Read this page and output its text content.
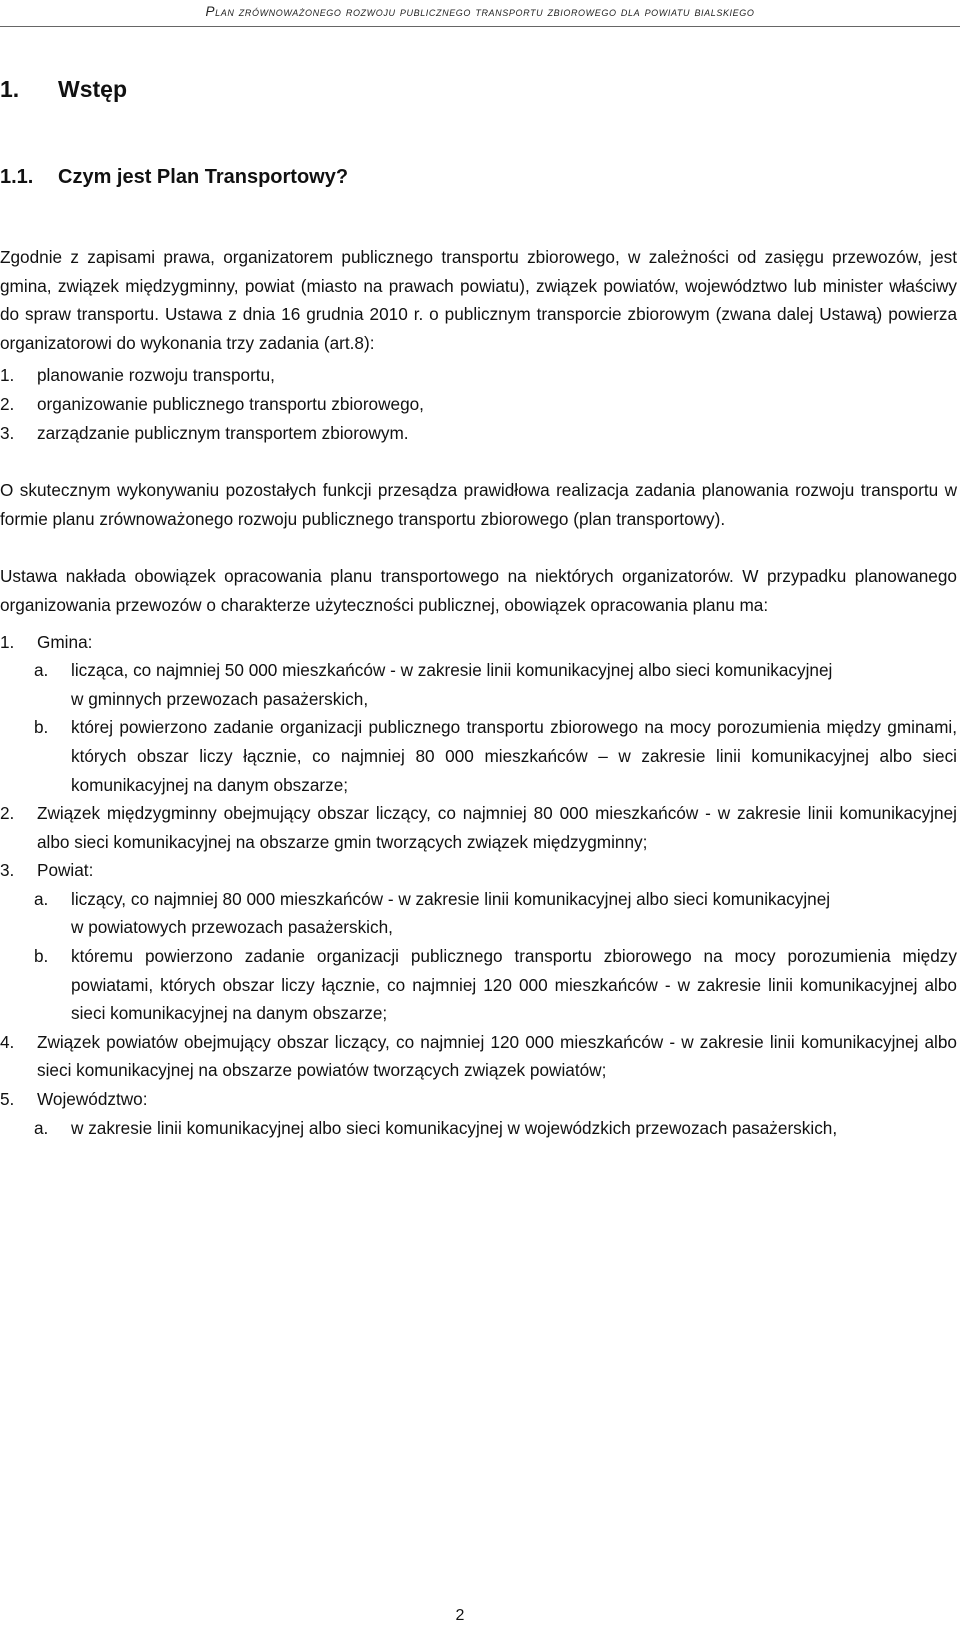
Plan zrównoważonego rozwoju publicznego transportu zbiorowego dla powiatu bialskiego
1. Wstęp
1.1. Czym jest Plan Transportowy?

Zgodnie z zapisami prawa, organizatorem publicznego transportu zbiorowego, w zależności od zasięgu przewozów, jest gmina, związek międzygminny, powiat (miasto na prawach powiatu), związek powiatów, województwo lub minister właściwy do spraw transportu. Ustawa z dnia 16 grudnia 2010 r. o publicznym transporcie zbiorowym (zwana dalej Ustawą) powierza organizatorowi do wykonania trzy zadania (art.8):

1.	planowanie rozwoju transportu,
2.	organizowanie publicznego transportu zbiorowego,
3.	zarządzanie publicznym transportem zbiorowym.

O skutecznym wykonywaniu pozostałych funkcji przesądza prawidłowa realizacja zadania planowania rozwoju transportu w formie planu zrównoważonego rozwoju publicznego transportu zbiorowego (plan transportowy).

Ustawa nakłada obowiązek opracowania planu transportowego na niektórych organizatorów. W przypadku planowanego organizowania przewozów o charakterze użyteczności publicznej, obowiązek opracowania planu ma:

1.	Gmina:
a.	licząca, co najmniej 50 000 mieszkańców - w zakresie linii komunikacyjnej albo sieci komunikacyjnej
w gminnych przewozach pasażerskich,
b.	której powierzono zadanie organizacji publicznego transportu zbiorowego na mocy porozumienia między gminami, których obszar liczy łącznie, co najmniej 80 000 mieszkańców – w zakresie linii komunikacyjnej albo sieci komunikacyjnej na danym obszarze;
2.	Związek międzygminny obejmujący obszar liczący, co najmniej 80 000 mieszkańców - w zakresie linii komunikacyjnej albo sieci komunikacyjnej na obszarze gmin tworzących związek międzygminny;
3.	Powiat:
a.	liczący, co najmniej 80 000 mieszkańców - w zakresie linii komunikacyjnej albo sieci komunikacyjnej
w powiatowych przewozach pasażerskich,
b.	któremu powierzono zadanie organizacji publicznego transportu zbiorowego na mocy porozumienia między powiatami, których obszar liczy łącznie, co najmniej 120 000 mieszkańców - w zakresie linii komunikacyjnej albo sieci komunikacyjnej na danym obszarze;
4.	Związek powiatów obejmujący obszar liczący, co najmniej 120 000 mieszkańców - w zakresie linii komunikacyjnej albo sieci komunikacyjnej na obszarze powiatów tworzących związek powiatów;
5.	Województwo:
a.	w zakresie linii komunikacyjnej albo sieci komunikacyjnej w wojewódzkich przewozach pasażerskich,
2
